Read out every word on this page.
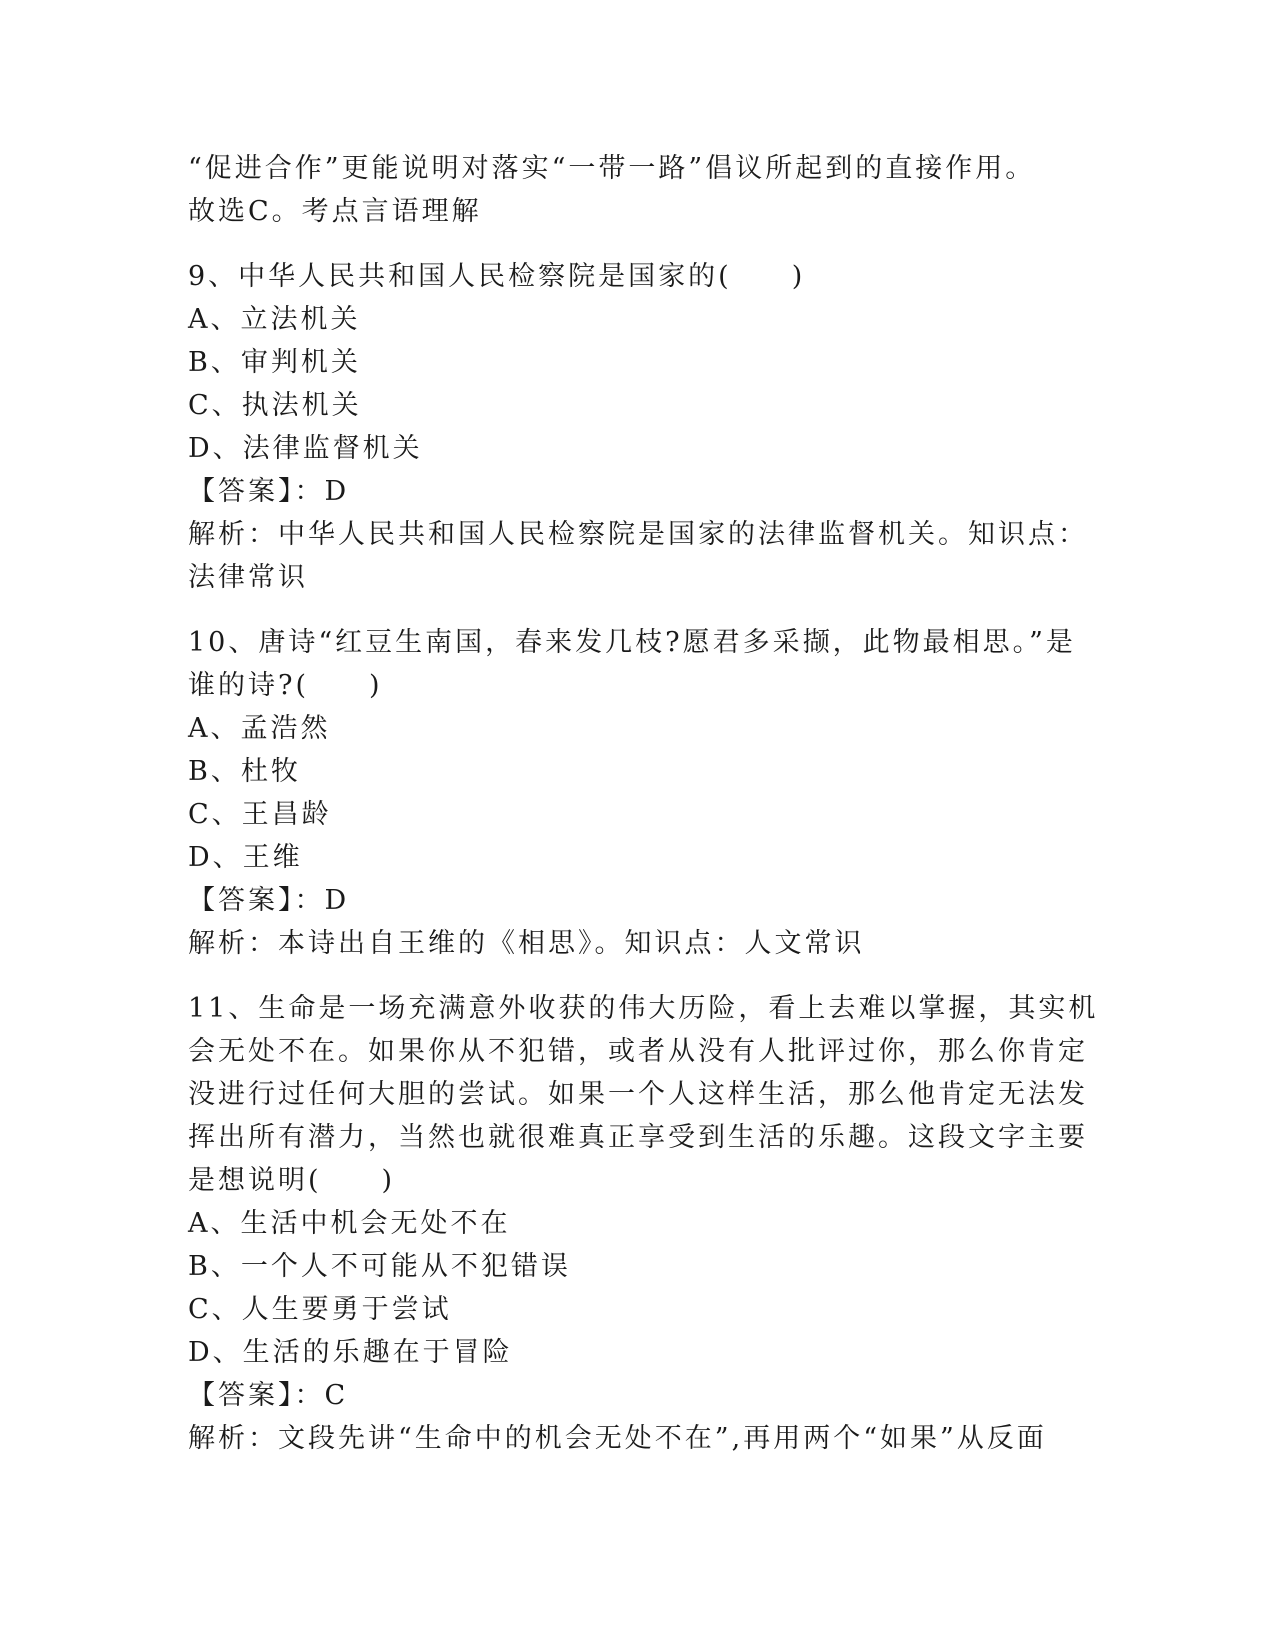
“促进合作”更能说明对落实“一带一路”倡议所起到的直接作用。
故选C。考点言语理解
9、中华人民共和国人民检察院是国家的(　　)
A、立法机关
B、审判机关
C、执法机关
D、法律监督机关
【答案】：D
解析：中华人民共和国人民检察院是国家的法律监督机关。知识点：
法律常识
10、唐诗“红豆生南国，春来发几枝?愿君多采撷，此物最相思。”是
谁的诗?(　　)
A、孟浩然
B、杜牧
C、王昌龄
D、王维
【答案】：D
解析：本诗出自王维的《相思》。知识点：人文常识
11、生命是一场充满意外收获的伟大历险，看上去难以掌握，其实机
会无处不在。如果你从不犯错，或者从没有人批评过你，那么你肯定
没进行过任何大胆的尝试。如果一个人这样生活，那么他肯定无法发
挥出所有潜力，当然也就很难真正享受到生活的乐趣。这段文字主要
是想说明(　　)
A、生活中机会无处不在
B、一个人不可能从不犯错误
C、人生要勇于尝试
D、生活的乐趣在于冒险
【答案】：C
解析：文段先讲“生命中的机会无处不在”,再用两个“如果”从反面
